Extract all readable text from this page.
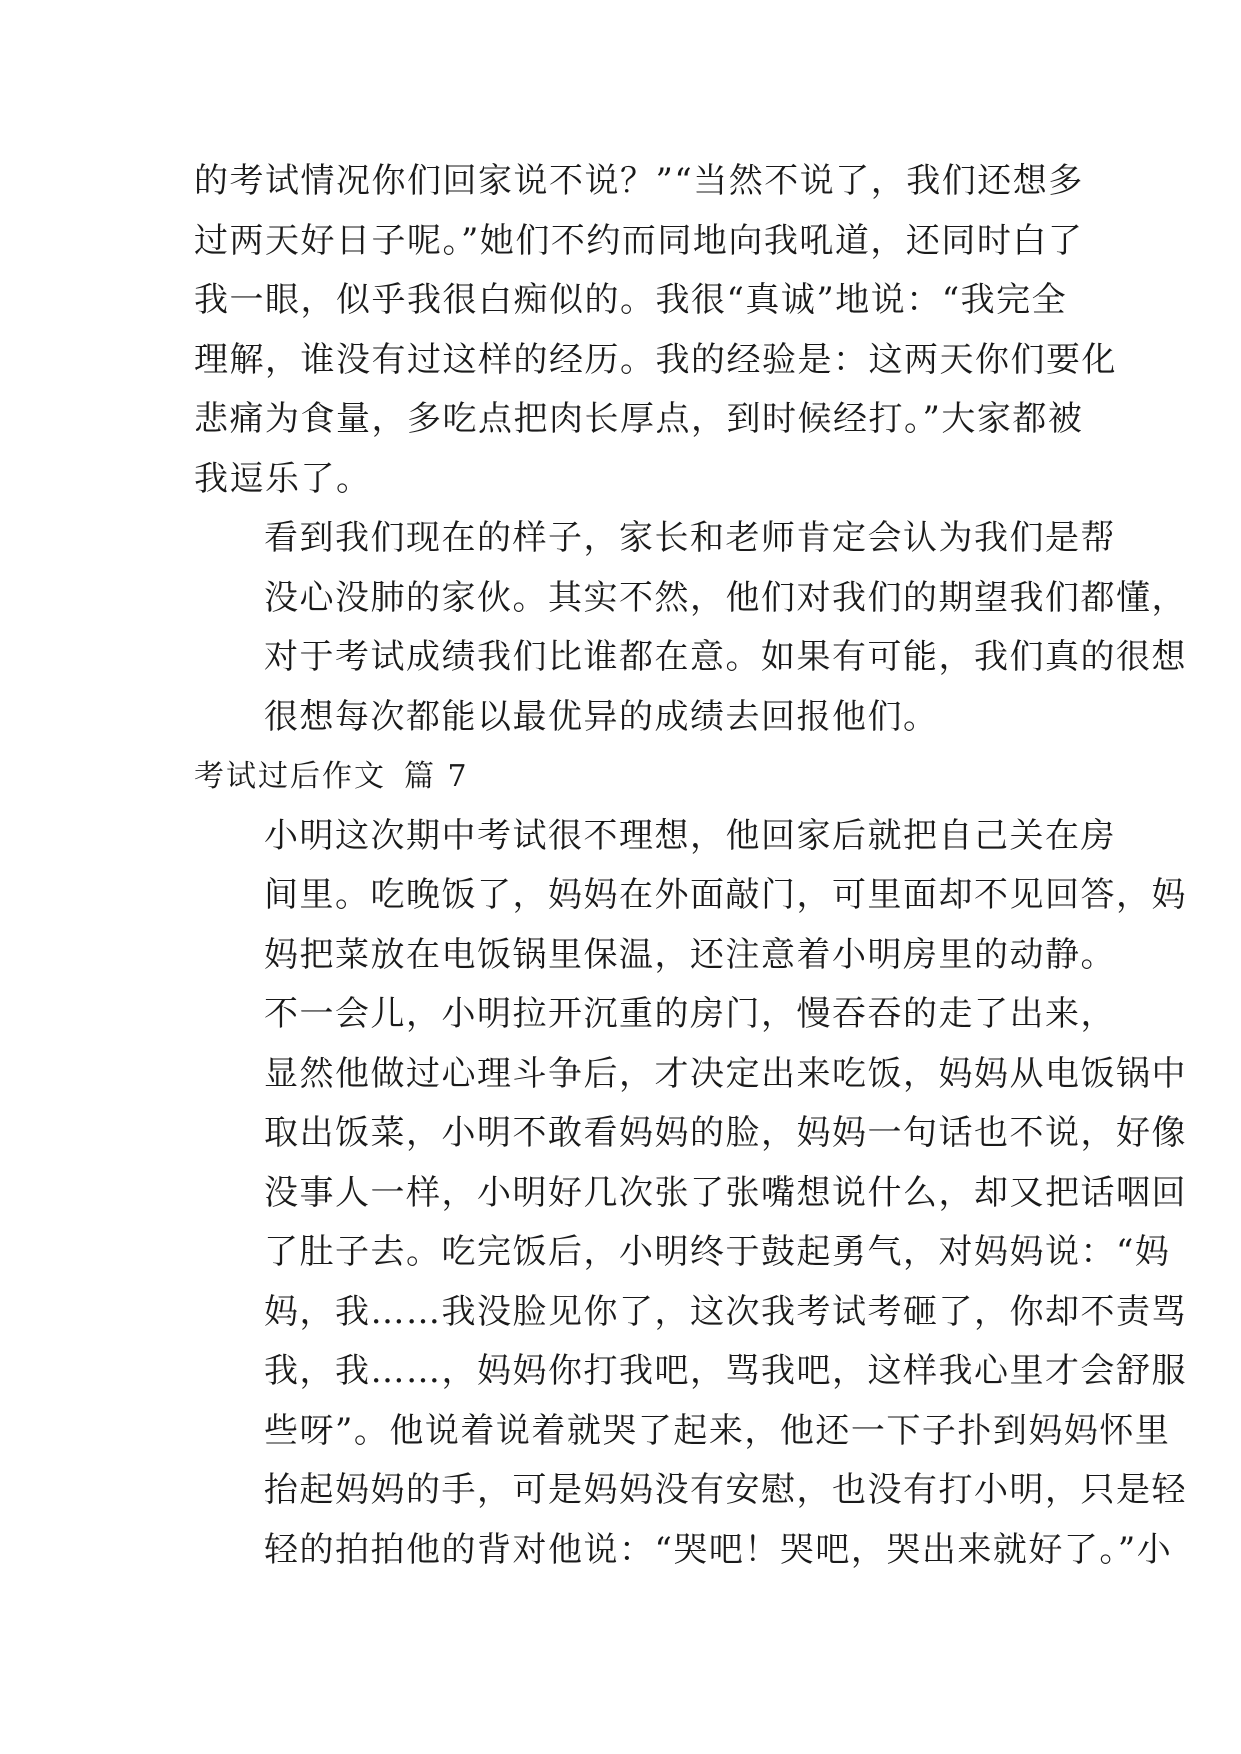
的考试情况你们回家说不说？”“当然不说了，我们还想多
过两天好日子呢。”她们不约而同地向我吼道，还同时白了
我一眼，似乎我很白痴似的。我很“真诚”地说：“我完全
理解，谁没有过这样的经历。我的经验是：这两天你们要化
悲痛为食量，多吃点把肉长厚点，到时候经打。”大家都被
我逗乐了。
看到我们现在的样子，家长和老师肯定会认为我们是帮
没心没肺的家伙。其实不然，他们对我们的期望我们都懂，
对于考试成绩我们比谁都在意。如果有可能，我们真的很想
很想每次都能以最优异的成绩去回报他们。
考试过后作文 篇 7
小明这次期中考试很不理想，他回家后就把自己关在房
间里。吃晚饭了，妈妈在外面敲门，可里面却不见回答，妈
妈把菜放在电饭锅里保温，还注意着小明房里的动静。
不一会儿，小明拉开沉重的房门，慢吞吞的走了出来，
显然他做过心理斗争后，才决定出来吃饭，妈妈从电饭锅中
取出饭菜，小明不敢看妈妈的脸，妈妈一句话也不说，好像
没事人一样，小明好几次张了张嘴想说什么，却又把话咽回
了肚子去。吃完饭后，小明终于鼓起勇气，对妈妈说：“妈
妈，我……我没脸见你了，这次我考试考砸了，你却不责骂
我，我……，妈妈你打我吧，骂我吧，这样我心里才会舒服
些呀”。他说着说着就哭了起来，他还一下子扑到妈妈怀里
抬起妈妈的手，可是妈妈没有安慰，也没有打小明，只是轻
轻的拍拍他的背对他说：“哭吧！哭吧，哭出来就好了。”小
